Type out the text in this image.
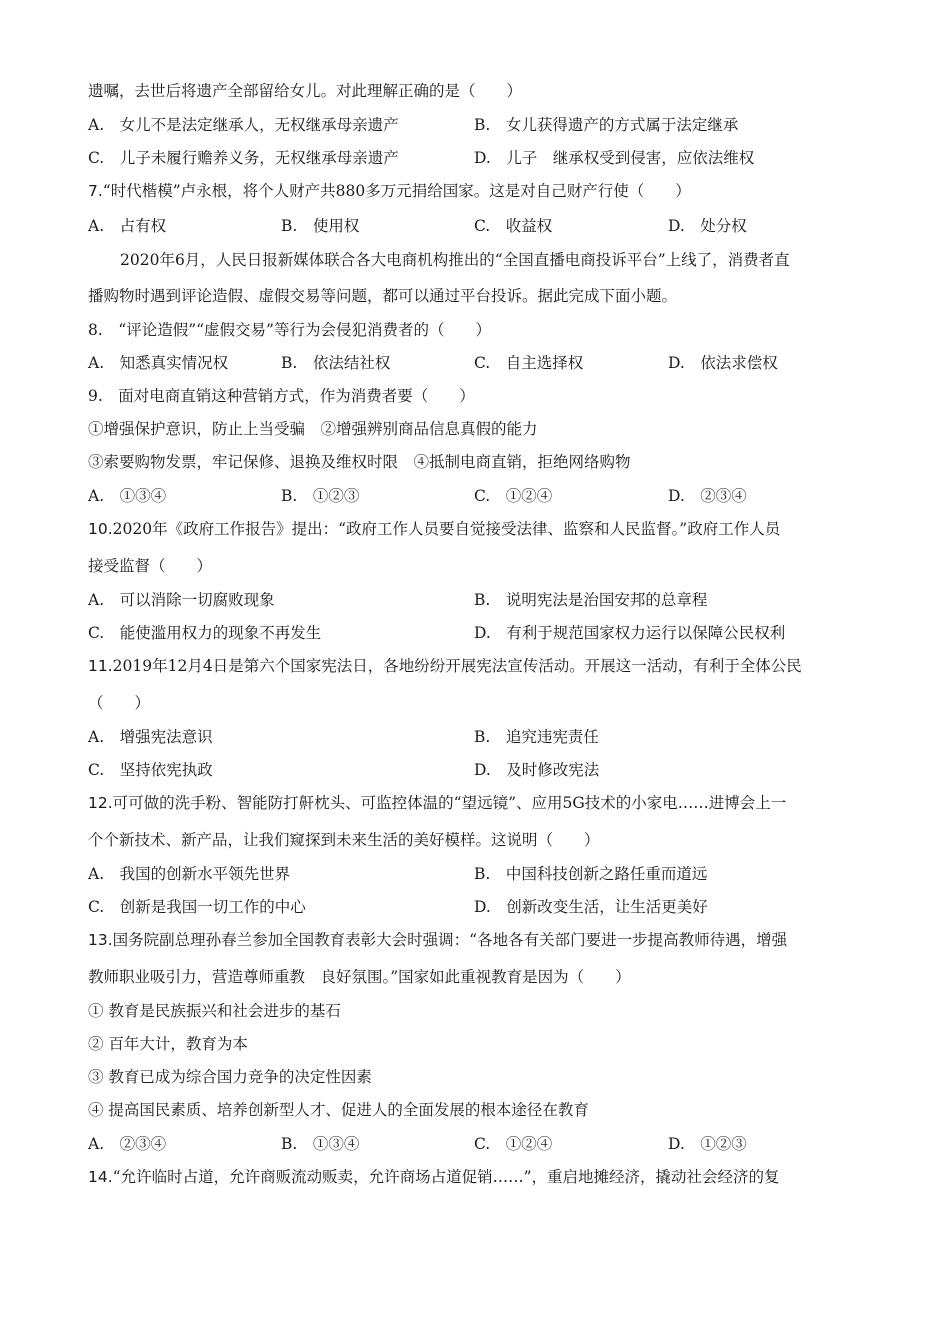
遗嘱，去世后将遗产全部留给女儿。对此理解正确的是（　　）
A.　女儿不是法定继承人，无权继承母亲遗产	B.　女儿获得遗产的方式属于法定继承
C.　儿子未履行赡养义务，无权继承母亲遗产	D.　儿子　继承权受到侵害，应依法维权
7.“时代楷模”卢永根，将个人财产共880多万元捐给国家。这是对自己财产行使（　　）
A.　占有权	B.　使用权	C.　收益权	D.　处分权
2020年6月，人民日报新媒体联合各大电商机构推出的“全国直播电商投诉平台”上线了，消费者直
播购物时遇到评论造假、虚假交易等问题，都可以通过平台投诉。据此完成下面小题。
8.　“评论造假”“虚假交易”等行为会侵犯消费者的（　　）
A.　知悉真实情况权	B.　依法结社权	C.　自主选择权	D.　依法求偿权
9.　面对电商直销这种营销方式，作为消费者要（　　）
①增强保护意识，防止上当受骗　②增强辨别商品信息真假的能力
③索要购物发票，牢记保修、退换及维权时限　④抵制电商直销，拒绝网络购物
A.　①③④	B.　①②③	C.　①②④	D.　②③④
10.2020年《政府工作报告》提出：“政府工作人员要自觉接受法律、监察和人民监督。”政府工作人员
接受监督（　　）
A.　可以消除一切腐败现象	B.　说明宪法是治国安邦的总章程
C.　能使滥用权力的现象不再发生	D.　有利于规范国家权力运行以保障公民权利
11.2019年12月4日是第六个国家宪法日，各地纷纷开展宪法宣传活动。开展这一活动，有利于全体公民
（　　）
A.　增强宪法意识	B.　追究违宪责任
C.　坚持依宪执政	D.　及时修改宪法
12.可可做的洗手粉、智能防打鼾枕头、可监控体温的“望远镜”、应用5G技术的小家电……进博会上一
个个新技术、新产品，让我们窥探到未来生活的美好模样。这说明（　　）
A.　我国的创新水平领先世界	B.　中国科技创新之路任重而道远
C.　创新是我国一切工作的中心	D.　创新改变生活，让生活更美好
13.国务院副总理孙春兰参加全国教育表彰大会时强调：“各地各有关部门要进一步提高教师待遇，增强
教师职业吸引力，营造尊师重教　良好氛围。”国家如此重视教育是因为（　　）
① 教育是民族振兴和社会进步的基石
② 百年大计，教育为本
③ 教育已成为综合国力竞争的决定性因素
④ 提高国民素质、培养创新型人才、促进人的全面发展的根本途径在教育
A.　②③④	B.　①③④	C.　①②④	D.　①②③
14.“允许临时占道，允许商贩流动贩卖，允许商场占道促销……”，重启地摊经济，撬动社会经济的复
